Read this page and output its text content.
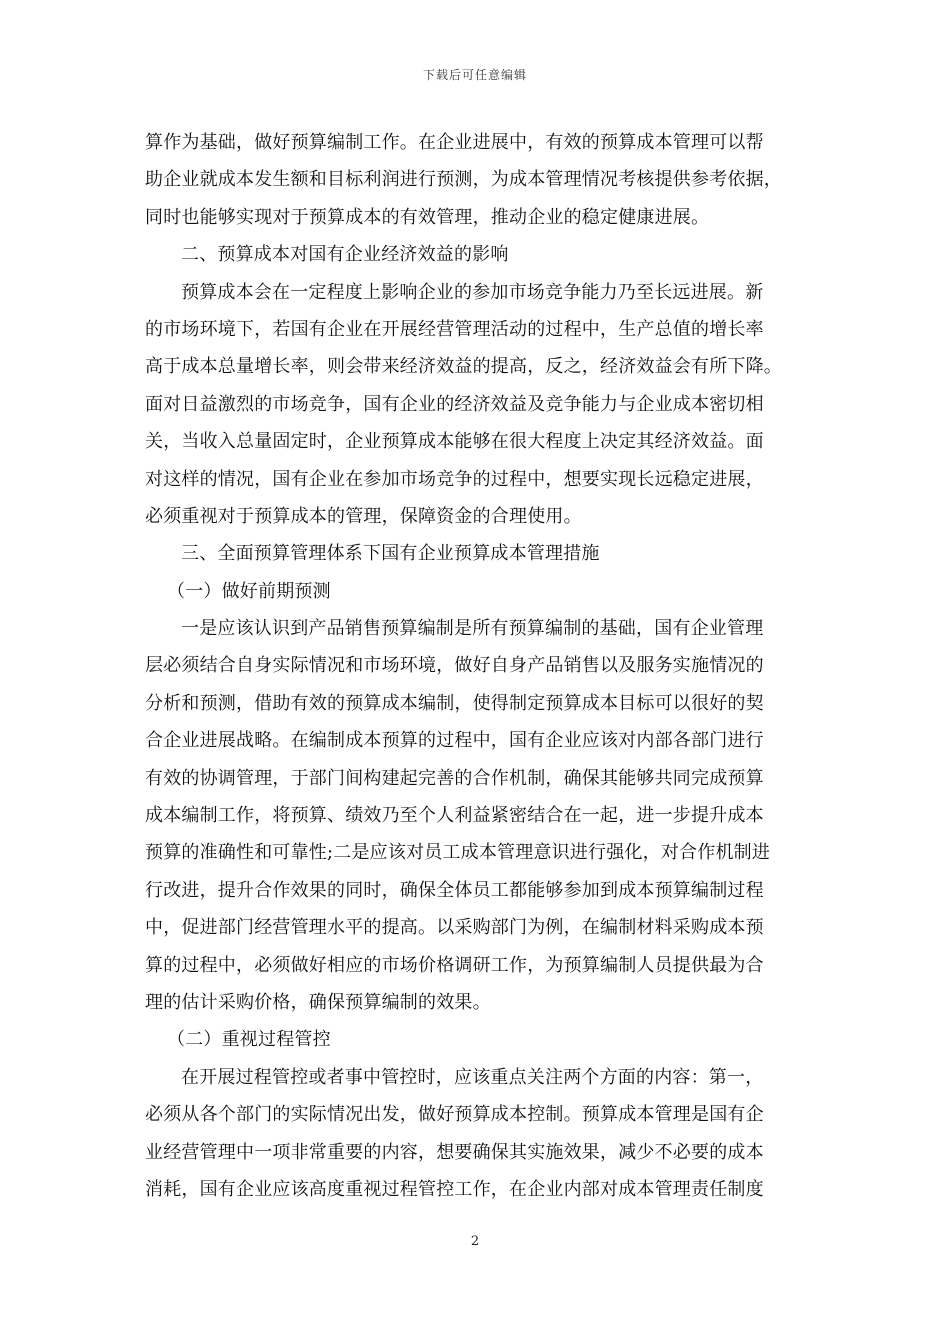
下载后可任意编辑
算作为基础，做好预算编制工作。在企业进展中，有效的预算成本管理可以帮
助企业就成本发生额和目标利润进行预测，为成本管理情况考核提供参考依据，
同时也能够实现对于预算成本的有效管理，推动企业的稳定健康进展。
二、预算成本对国有企业经济效益的影响
预算成本会在一定程度上影响企业的参加市场竞争能力乃至长远进展。新
的市场环境下，若国有企业在开展经营管理活动的过程中，生产总值的增长率
高于成本总量增长率，则会带来经济效益的提高，反之，经济效益会有所下降。
面对日益激烈的市场竞争，国有企业的经济效益及竞争能力与企业成本密切相
关，当收入总量固定时，企业预算成本能够在很大程度上决定其经济效益。面
对这样的情况，国有企业在参加市场竞争的过程中，想要实现长远稳定进展，
必须重视对于预算成本的管理，保障资金的合理使用。
三、全面预算管理体系下国有企业预算成本管理措施
（一）做好前期预测
一是应该认识到产品销售预算编制是所有预算编制的基础，国有企业管理
层必须结合自身实际情况和市场环境，做好自身产品销售以及服务实施情况的
分析和预测，借助有效的预算成本编制，使得制定预算成本目标可以很好的契
合企业进展战略。在编制成本预算的过程中，国有企业应该对内部各部门进行
有效的协调管理，于部门间构建起完善的合作机制，确保其能够共同完成预算
成本编制工作，将预算、绩效乃至个人利益紧密结合在一起，进一步提升成本
预算的准确性和可靠性;二是应该对员工成本管理意识进行强化，对合作机制进
行改进，提升合作效果的同时，确保全体员工都能够参加到成本预算编制过程
中，促进部门经营管理水平的提高。以采购部门为例，在编制材料采购成本预
算的过程中，必须做好相应的市场价格调研工作，为预算编制人员提供最为合
理的估计采购价格，确保预算编制的效果。
（二）重视过程管控
在开展过程管控或者事中管控时，应该重点关注两个方面的内容：第一，
必须从各个部门的实际情况出发，做好预算成本控制。预算成本管理是国有企
业经营管理中一项非常重要的内容，想要确保其实施效果，减少不必要的成本
消耗，国有企业应该高度重视过程管控工作，在企业内部对成本管理责任制度
2
